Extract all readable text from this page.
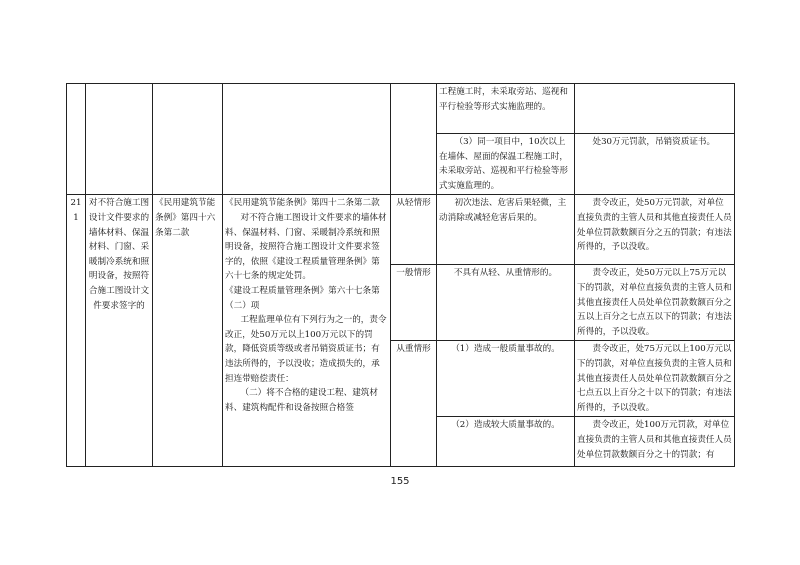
					工程施工时，未采取旁站、巡视和平行检验等形式实施监理的。	

					（3）同一项目中，10次以上在墙体、屋面的保温工程施工时，未采取旁站、巡视和平行检验等形式实施监理的。	处30万元罚款，吊销资质证书。

211	对不符合施工图设计文件要求的墙体材料、保温材料、门窗、采暖制冷系统和照明设备，按照符合施工图设计文件要求签字的	《民用建筑节能条例》第四十六条第二款	《民用建筑节能条例》第四十二条第二款
对不符合施工图设计文件要求的墙体材料、保温材料、门窗、采暖制冷系统和照明设备，按照符合施工图设计文件要求签字的，依照《建设工程质量管理条例》第六十七条的规定处罚。
《建设工程质量管理条例》第六十七条第（二）项
工程监理单位有下列行为之一的，责令改正，处50万元以上100万元以下的罚款，降低资质等级或者吊销资质证书；有违法所得的，予以没收；造成损失的，承担连带赔偿责任：
（二）将不合格的建设工程、建筑材料、建筑构配件和设备按照合格签	从轻情形	初次违法、危害后果轻微，主动消除或减轻危害后果的。	责令改正，处50万元罚款，对单位直接负责的主管人员和其他直接责任人员处单位罚款数额百分之五的罚款；有违法所得的，予以没收。

				一般情形	不具有从轻、从重情形的。	责令改正，处50万元以上75万元以下的罚款，对单位直接负责的主管人员和其他直接责任人员处单位罚款数额百分之五以上百分之七点五以下的罚款；有违法所得的，予以没收。

				从重情形	（1）造成一般质量事故的。	责令改正，处75万元以上100万元以下的罚款，对单位直接负责的主管人员和其他直接责任人员处单位罚款数额百分之七点五以上百分之十以下的罚款；有违法所得的，予以没收。

					（2）造成较大质量事故的。	责令改正，处100万元罚款，对单位直接负责的主管人员和其他直接责任人员处单位罚款数额百分之十的罚款；有
155
